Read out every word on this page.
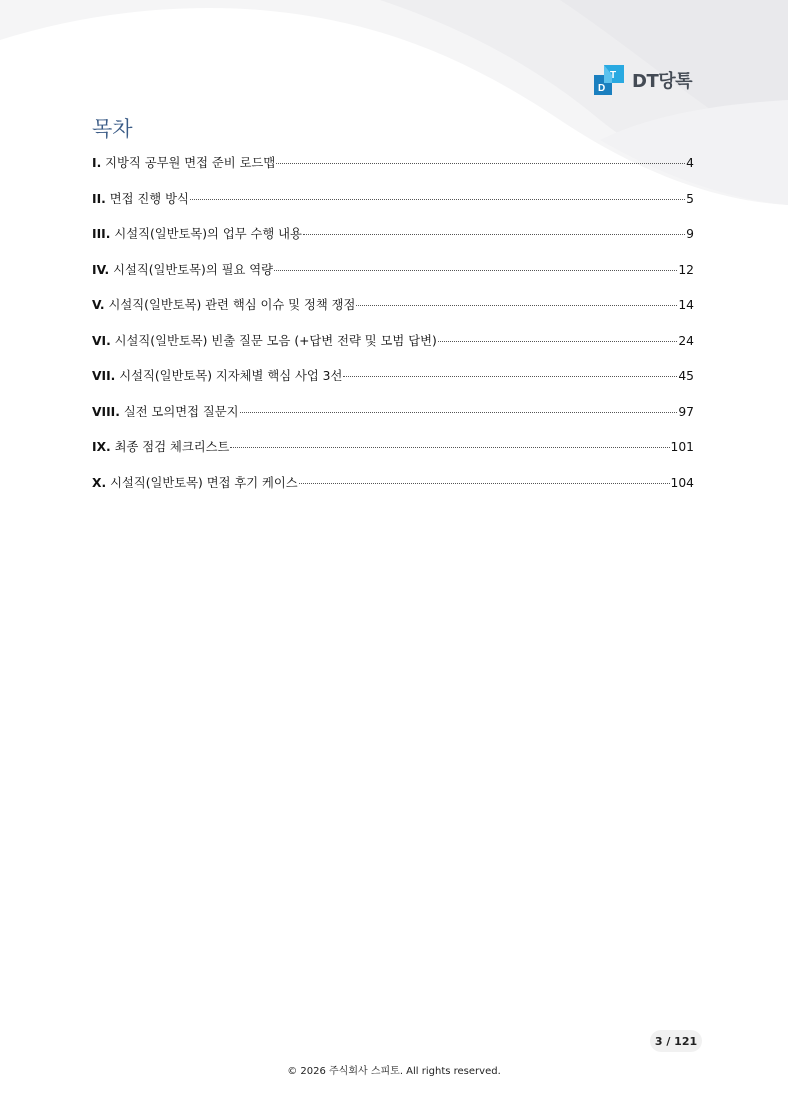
T
D DT당톡
목차
I. 지방직 공무원 면접 준비 로드맵	4
II. 면접 진행 방식	5
III. 시설직(일반토목)의 업무 수행 내용	9
IV. 시설직(일반토목)의 필요 역량	12
V. 시설직(일반토목) 관련 핵심 이슈 및 정책 쟁점	14
VI. 시설직(일반토목) 빈출 질문 모음 (+답변 전략 및 모범 답변)	24
VII. 시설직(일반토목) 지자체별 핵심 사업 3선	45
VIII. 실전 모의면접 질문지	97
IX. 최종 점검 체크리스트	101
X. 시설직(일반토목) 면접 후기 케이스	104
3 / 121
© 2026 주식회사 스피토. All rights reserved.
